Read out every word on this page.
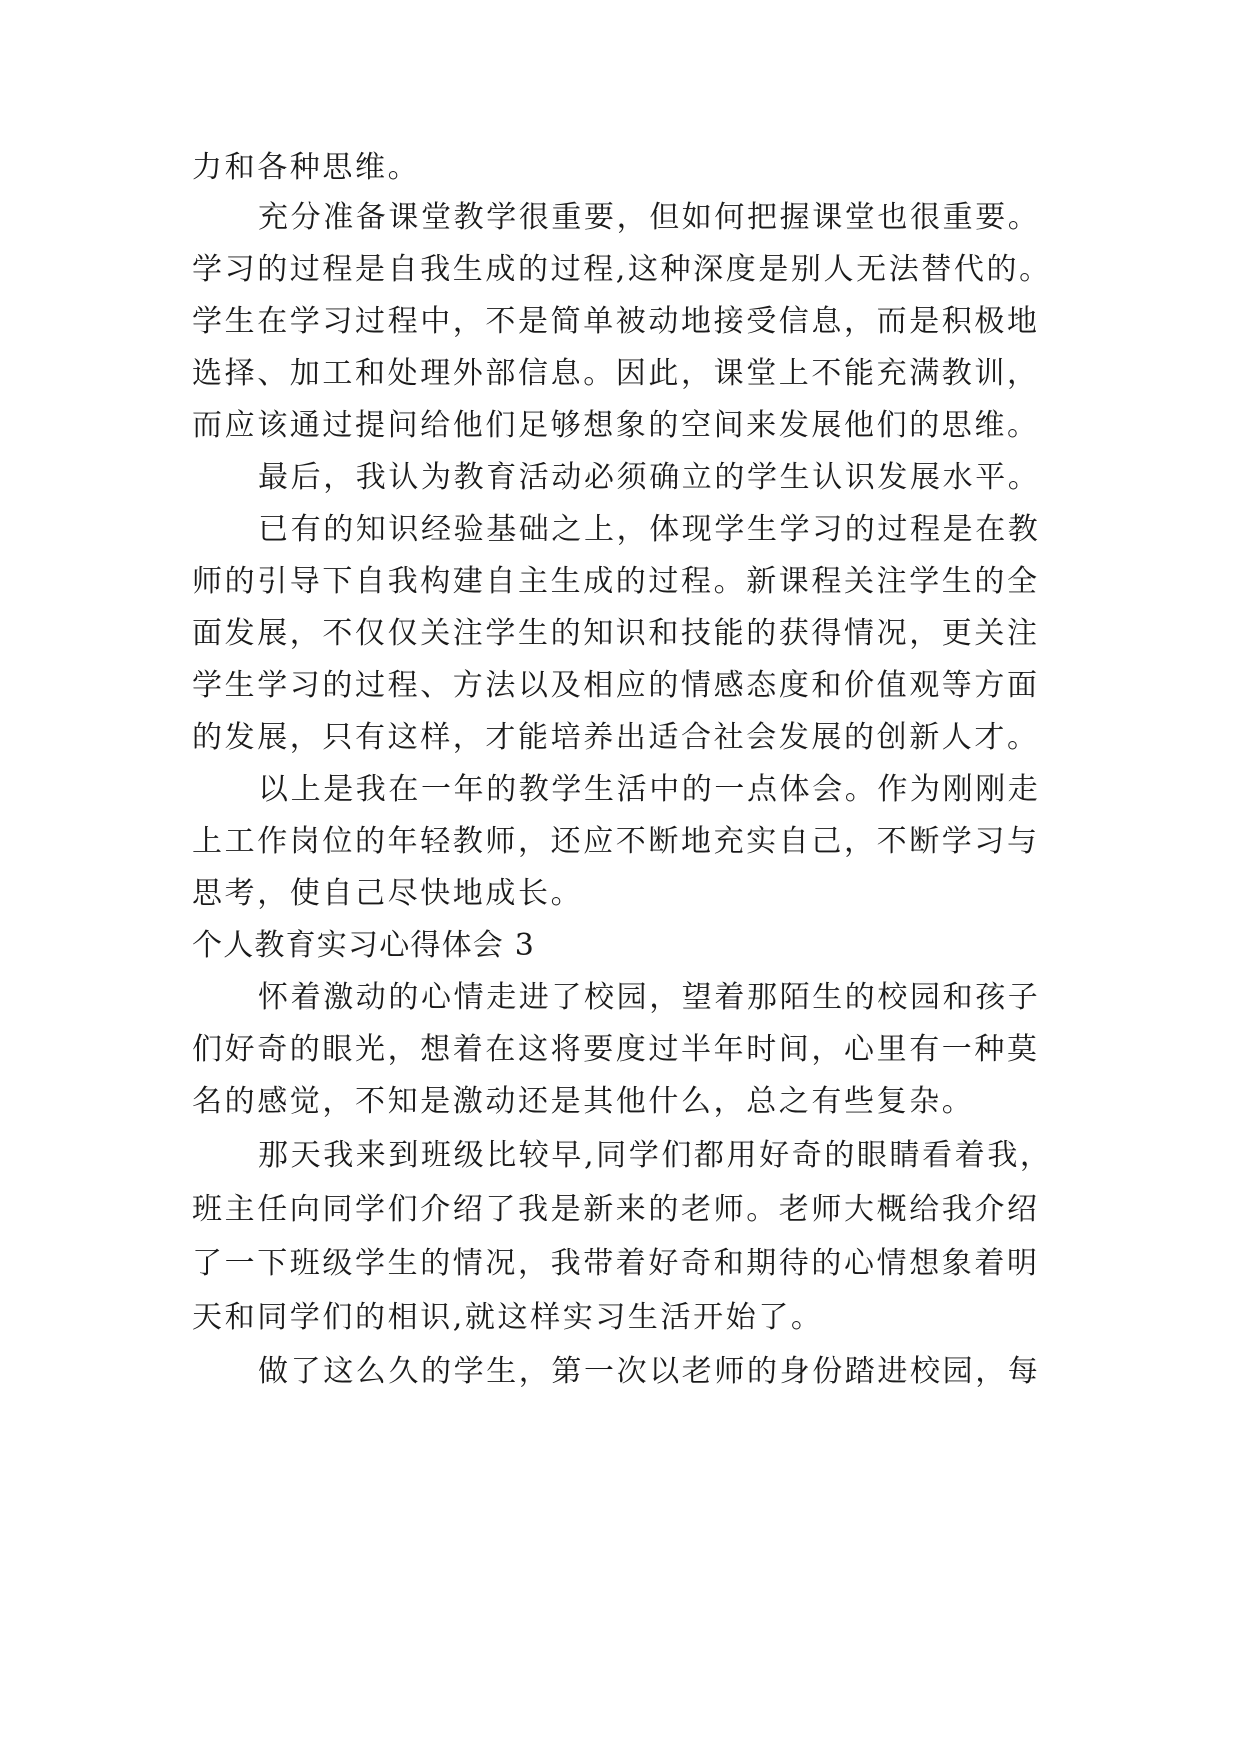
力和各种思维。
充分准备课堂教学很重要，但如何把握课堂也很重要。
学习的过程是自我生成的过程,这种深度是别人无法替代的。
学生在学习过程中，不是简单被动地接受信息，而是积极地
选择、加工和处理外部信息。因此，课堂上不能充满教训，
而应该通过提问给他们足够想象的空间来发展他们的思维。
最后，我认为教育活动必须确立的学生认识发展水平。
已有的知识经验基础之上，体现学生学习的过程是在教
师的引导下自我构建自主生成的过程。新课程关注学生的全
面发展，不仅仅关注学生的知识和技能的获得情况，更关注
学生学习的过程、方法以及相应的情感态度和价值观等方面
的发展，只有这样，才能培养出适合社会发展的创新人才。
以上是我在一年的教学生活中的一点体会。作为刚刚走
上工作岗位的年轻教师，还应不断地充实自己，不断学习与
思考，使自己尽快地成长。
个人教育实习心得体会 3
怀着激动的心情走进了校园，望着那陌生的校园和孩子
们好奇的眼光，想着在这将要度过半年时间，心里有一种莫
名的感觉，不知是激动还是其他什么，总之有些复杂。
那天我来到班级比较早,同学们都用好奇的眼睛看着我，
班主任向同学们介绍了我是新来的老师。老师大概给我介绍
了一下班级学生的情况，我带着好奇和期待的心情想象着明
天和同学们的相识,就这样实习生活开始了。
做了这么久的学生，第一次以老师的身份踏进校园，每
